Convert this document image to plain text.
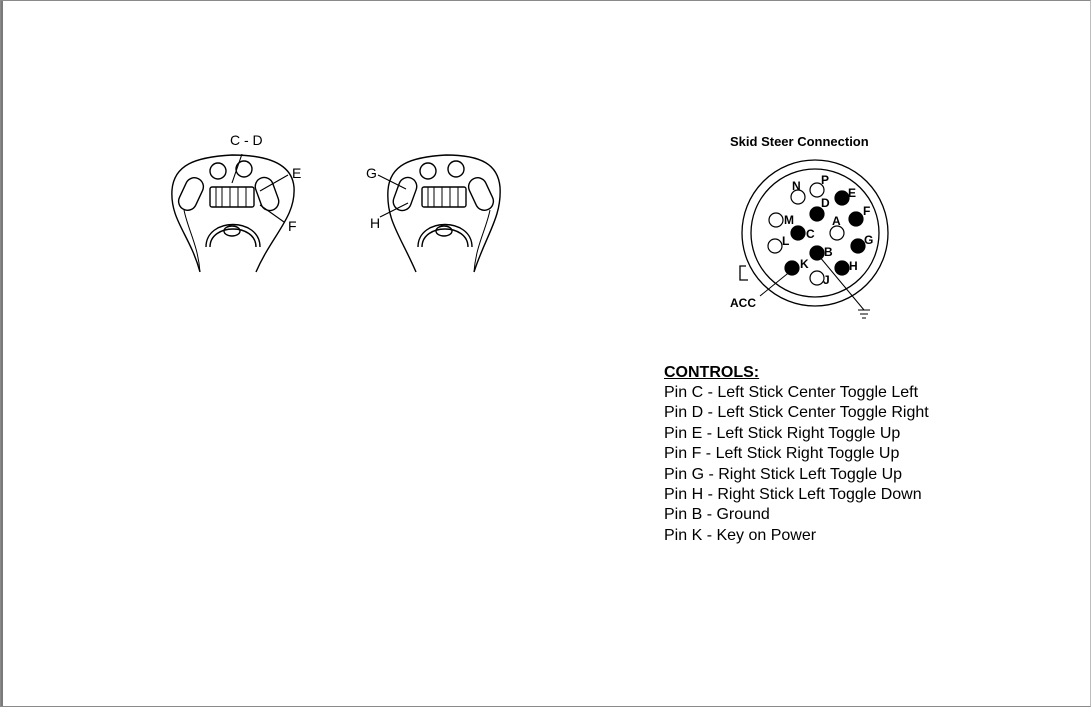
C - D
E
F
G
H
Skid Steer Connection
ACC
N P
E
D
F
M	A
C	G
L
B
K	H
J
CONTROLS:
Pin C - Left Stick Center Toggle Left
Pin D - Left Stick Center Toggle Right
Pin E - Left Stick Right Toggle Up
Pin F - Left Stick Right Toggle Up
Pin G - Right Stick Left Toggle Up
Pin H - Right Stick Left Toggle Down
Pin B - Ground
Pin K - Key on Power
